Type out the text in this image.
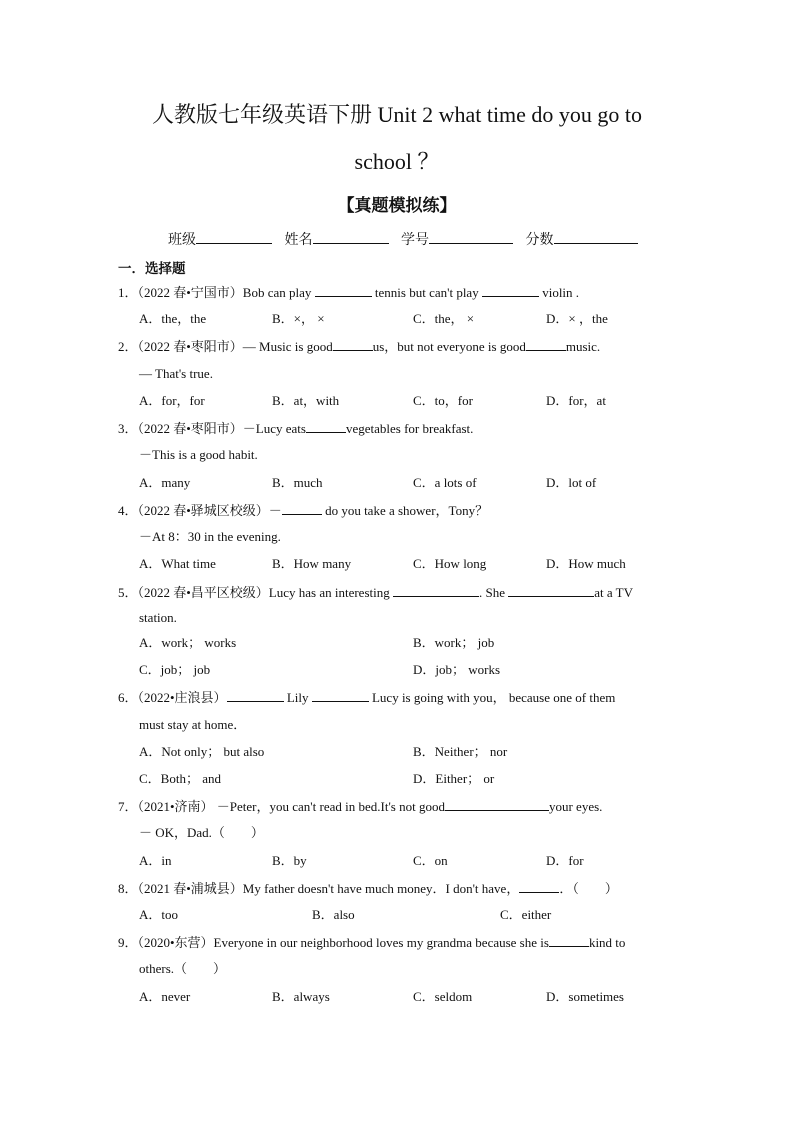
人教版七年级英语下册 Unit 2 what time do you go to
school ？
【真题模拟练】
班级	姓名	学号	分数
一．选择题
1．（2022 春•宁国市）Bob can play	tennis but can't play	violin .
A．the，the	B．×， ×	C．the， ×	D．× ，the
2．（2022 春•枣阳市）— Music is good	us，but not everyone is good	music.
— That's true.
A．for，for	B．at，with	C．to，for	D．for，at
3．（2022 春•枣阳市）－Lucy eats	vegetables for breakfast.
－This is a good habit.
A．many	B．much	C．a lots of	D．lot of
4．（2022 春•驿城区校级）－	do you take a shower，Tony？
－At 8：30 in the evening.
A．What time	B．How many	C．How long	D．How much
5．（2022 春•昌平区校级）Lucy has an interesting	. She	at a TV
station.
A．work； works	B．work； job
C．job； job	D．job； works
6．（2022•庄浪县）	Lily	Lucy is going with you， because one of them
must stay at home．
A．Not only； but also	B．Neither； nor
C．Both； and	D．Either； or
7．（2021•济南） －Peter，you can't read in bed.It's not good	your eyes.
－ OK，Dad.（　　）
A．in	B．by	C．on	D．for
8．（2021 春•浦城县）My father doesn't have much money．I don't have，	．（　　）
A．too	B．also	C．either
9．（2020•东营）Everyone in our neighborhood loves my grandma because she is	kind to
others.（　　）
A．never	B．always	C．seldom	D．sometimes
